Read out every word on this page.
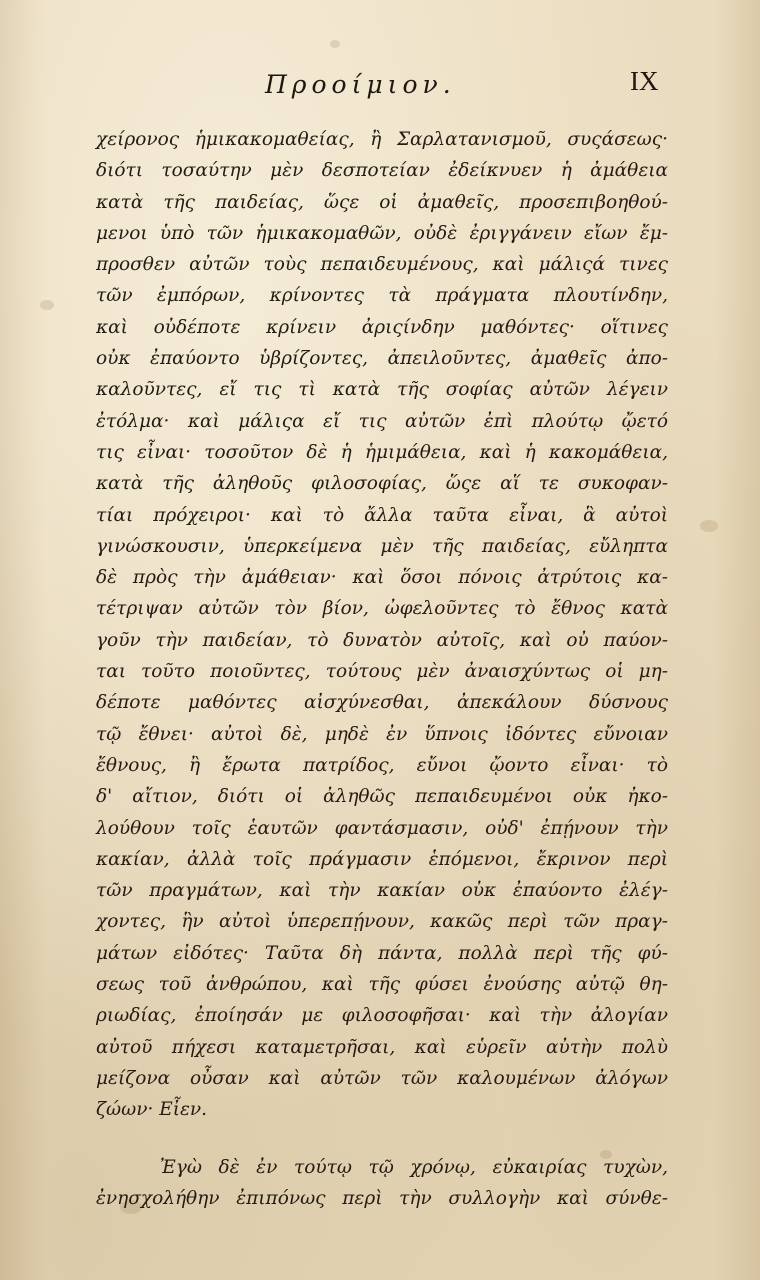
Προοίμιον.	IX
χείρονος ἡμικακομαθείας, ἢ Σαρλατανισμοῦ, συςάσεως·
διότι τοσαύτην μὲν δεσποτείαν ἐδείκνυεν ἡ ἀμάθεια
κατὰ τῆς παιδείας, ὥςε οἱ ἀμαθεῖς, προσεπιβοηθού-
μενοι ὑπὸ τῶν ἡμικακομαθῶν, οὐδὲ ἐριγγάνειν εἴων ἔμ-
προσθεν αὐτῶν τοὺς πεπαιδευμένους, καὶ μάλιςά τινες
τῶν ἐμπόρων, κρίνοντες τὰ πράγματα πλουτίνδην,
καὶ οὐδέποτε κρίνειν ἀριςίνδην μαθόντες· οἵτινες
οὐκ ἐπαύοντο ὑβρίζοντες, ἀπειλοῦντες, ἀμαθεῖς ἀπο-
καλοῦντες, εἴ τις τὶ κατὰ τῆς σοφίας αὐτῶν λέγειν
ἐτόλμα· καὶ μάλιςα εἴ τις αὐτῶν ἐπὶ πλούτῳ ᾤετό
τις εἶναι· τοσοῦτον δὲ ἡ ἡμιμάθεια, καὶ ἡ κακομάθεια,
κατὰ τῆς ἀληθοῦς φιλοσοφίας, ὥςε αἵ τε συκοφαν-
τίαι πρόχειροι· καὶ τὸ ἄλλα ταῦτα εἶναι, ἃ αὐτοὶ
γινώσκουσιν, ὑπερκείμενα μὲν τῆς παιδείας, εὔληπτα
δὲ πρὸς τὴν ἀμάθειαν· καὶ ὅσοι πόνοις ἀτρύτοις κα-
τέτριψαν αὐτῶν τὸν βίον, ὠφελοῦντες τὸ ἔθνος κατὰ
γοῦν τὴν παιδείαν, τὸ δυνατὸν αὐτοῖς, καὶ οὐ παύον-
ται τοῦτο ποιοῦντες, τούτους μὲν ἀναισχύντως οἱ μη-
δέποτε μαθόντες αἰσχύνεσθαι, ἀπεκάλουν δύσνους
τῷ ἔθνει· αὐτοὶ δὲ, μηδὲ ἐν ὕπνοις ἰδόντες εὔνοιαν
ἔθνους, ἢ ἔρωτα πατρίδος, εὔνοι ᾤοντο εἶναι· τὸ
δ' αἴτιον, διότι οἱ ἀληθῶς πεπαιδευμένοι οὐκ ἠκο-
λούθουν τοῖς ἑαυτῶν φαντάσμασιν, οὐδ' ἐπῄνουν τὴν
κακίαν, ἀλλὰ τοῖς πράγμασιν ἑπόμενοι, ἔκρινον περὶ
τῶν πραγμάτων, καὶ τὴν κακίαν οὐκ ἐπαύοντο ἐλέγ-
χοντες, ἣν αὐτοὶ ὑπερεπῄνουν, κακῶς περὶ τῶν πραγ-
μάτων εἰδότες· Ταῦτα δὴ πάντα, πολλὰ περὶ τῆς φύ-
σεως τοῦ ἀνθρώπου, καὶ τῆς φύσει ἐνούσης αὐτῷ θη-
ριωδίας, ἐποίησάν με φιλοσοφῆσαι· καὶ τὴν ἀλογίαν
αὐτοῦ πήχεσι καταμετρῆσαι, καὶ εὑρεῖν αὐτὴν πολὺ
μείζονα οὖσαν καὶ αὐτῶν τῶν καλουμένων ἀλόγων
ζώων· Εἶεν.
Ἐγὼ δὲ ἐν τούτῳ τῷ χρόνῳ, εὐκαιρίας τυχὼν,
ἐνησχολήθην ἐπιπόνως περὶ τὴν συλλογὴν καὶ σύνθε-
